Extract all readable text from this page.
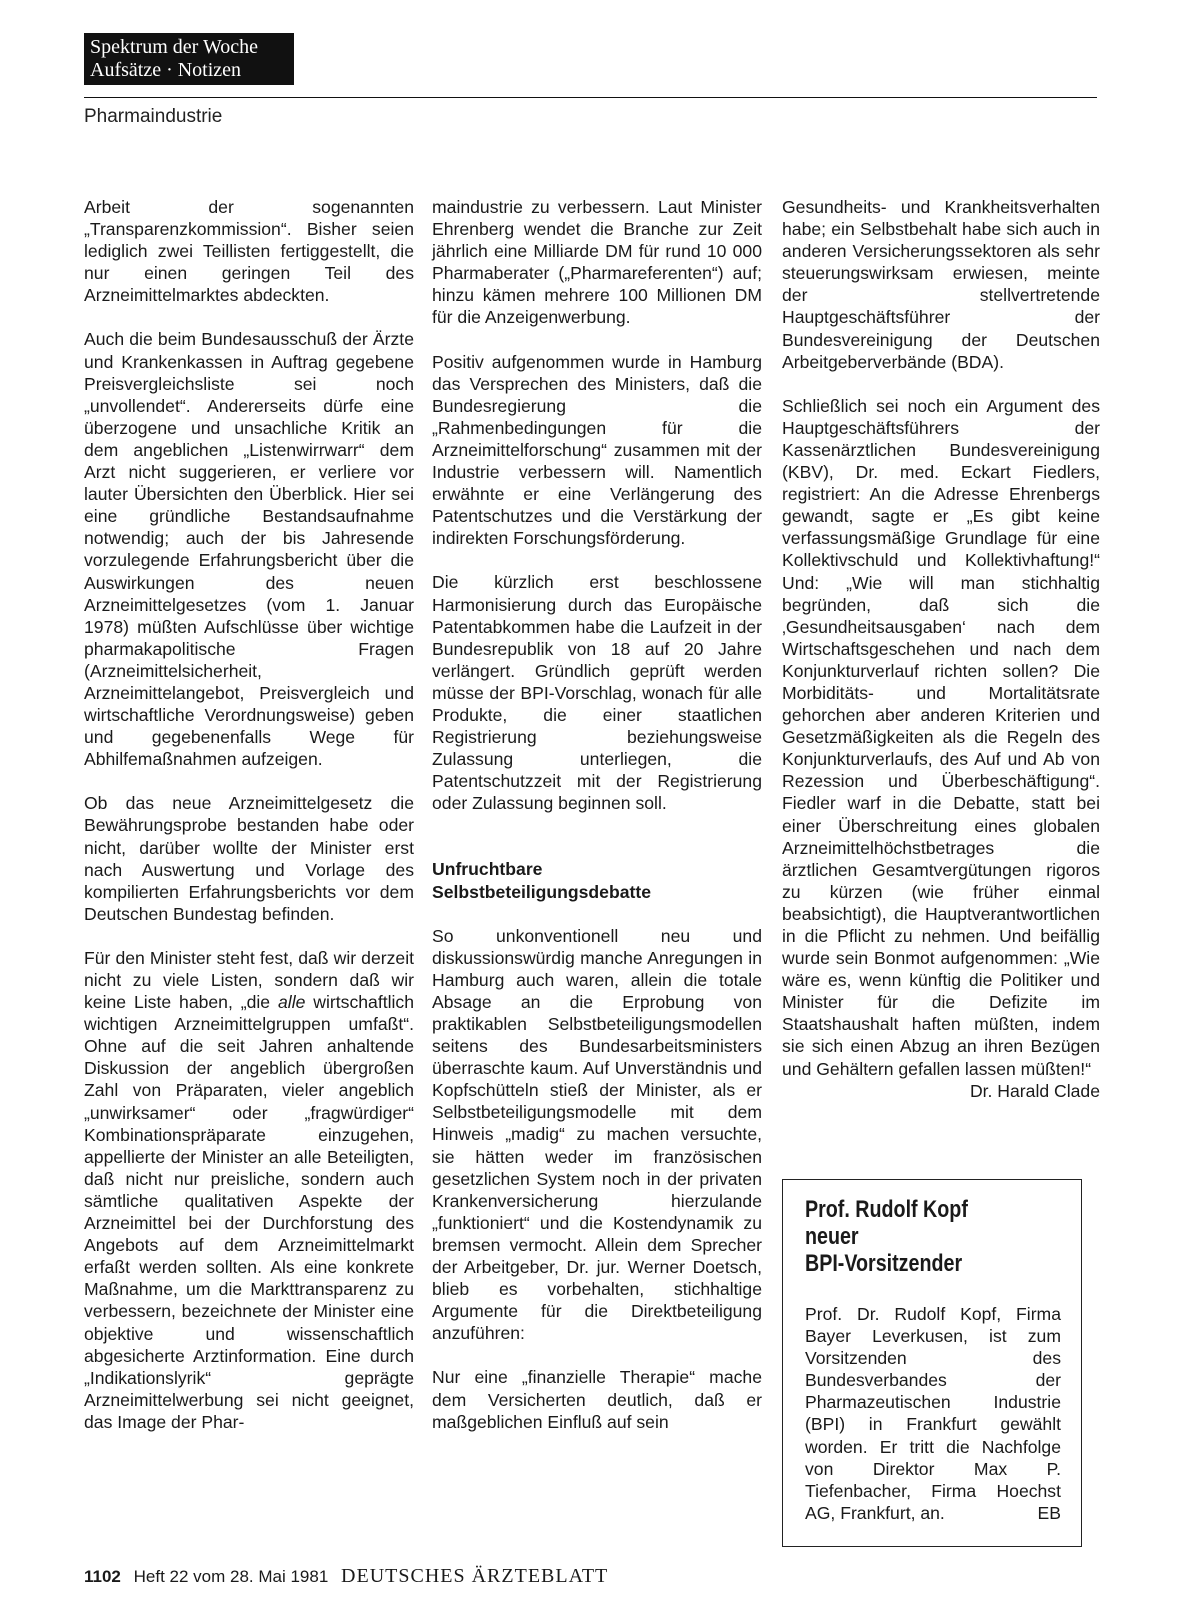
Spektrum der Woche
Aufsätze · Notizen
Pharmaindustrie

Arbeit der sogenannten „Transparenzkommission“. Bisher seien lediglich zwei Teillisten fertiggestellt, die nur einen geringen Teil des Arzneimittelmarktes abdeckten.

Auch die beim Bundesausschuß der Ärzte und Krankenkassen in Auftrag gegebene Preisvergleichsliste sei noch „unvollendet“. Andererseits dürfe eine überzogene und unsachliche Kritik an dem angeblichen „Listenwirrwarr“ dem Arzt nicht suggerieren, er verliere vor lauter Übersichten den Überblick. Hier sei eine gründliche Bestandsaufnahme notwendig; auch der bis Jahresende vorzulegende Erfahrungsbericht über die Auswirkungen des neuen Arzneimittelgesetzes (vom 1. Januar 1978) müßten Aufschlüsse über wichtige pharmakapolitische Fragen (Arzneimittelsicherheit, Arzneimittelangebot, Preisvergleich und wirtschaftliche Verordnungsweise) geben und gegebenenfalls Wege für Abhilfemaßnahmen aufzeigen.

Ob das neue Arzneimittelgesetz die Bewährungsprobe bestanden habe oder nicht, darüber wollte der Minister erst nach Auswertung und Vorlage des kompilierten Erfahrungsberichts vor dem Deutschen Bundestag befinden.

Für den Minister steht fest, daß wir derzeit nicht zu viele Listen, sondern daß wir keine Liste haben, „die alle wirtschaftlich wichtigen Arzneimittelgruppen umfaßt“. Ohne auf die seit Jahren anhaltende Diskussion der angeblich übergroßen Zahl von Präparaten, vieler angeblich „unwirksamer“ oder „fragwürdiger“ Kombinationspräparate einzugehen, appellierte der Minister an alle Beteiligten, daß nicht nur preisliche, sondern auch sämtliche qualitativen Aspekte der Arzneimittel bei der Durchforstung des Angebots auf dem Arzneimittelmarkt erfaßt werden sollten. Als eine konkrete Maßnahme, um die Markttransparenz zu verbessern, bezeichnete der Minister eine objektive und wissenschaftlich abgesicherte Arztinformation. Eine durch „Indikationslyrik“ geprägte Arzneimittelwerbung sei nicht geeignet, das Image der Phar-

maindustrie zu verbessern. Laut Minister Ehrenberg wendet die Branche zur Zeit jährlich eine Milliarde DM für rund 10 000 Pharmaberater („Pharmareferenten“) auf; hinzu kämen mehrere 100 Millionen DM für die Anzeigenwerbung.

Positiv aufgenommen wurde in Hamburg das Versprechen des Ministers, daß die Bundesregierung die „Rahmenbedingungen für die Arzneimittelforschung“ zusammen mit der Industrie verbessern will. Namentlich erwähnte er eine Verlängerung des Patentschutzes und die Verstärkung der indirekten Forschungsförderung.

Die kürzlich erst beschlossene Harmonisierung durch das Europäische Patentabkommen habe die Laufzeit in der Bundesrepublik von 18 auf 20 Jahre verlängert. Gründlich geprüft werden müsse der BPI-Vorschlag, wonach für alle Produkte, die einer staatlichen Registrierung beziehungsweise Zulassung unterliegen, die Patentschutzzeit mit der Registrierung oder Zulassung beginnen soll.

Unfruchtbare
Selbstbeteiligungsdebatte

So unkonventionell neu und diskussionswürdig manche Anregungen in Hamburg auch waren, allein die totale Absage an die Erprobung von praktikablen Selbstbeteiligungsmodellen seitens des Bundesarbeitsministers überraschte kaum. Auf Unverständnis und Kopfschütteln stieß der Minister, als er Selbstbeteiligungsmodelle mit dem Hinweis „madig“ zu machen versuchte, sie hätten weder im französischen gesetzlichen System noch in der privaten Krankenversicherung hierzulande „funktioniert“ und die Kostendynamik zu bremsen vermocht. Allein dem Sprecher der Arbeitgeber, Dr. jur. Werner Doetsch, blieb es vorbehalten, stichhaltige Argumente für die Direktbeteiligung anzuführen:

Nur eine „finanzielle Therapie“ mache dem Versicherten deutlich, daß er maßgeblichen Einfluß auf sein

Gesundheits- und Krankheitsverhalten habe; ein Selbstbehalt habe sich auch in anderen Versicherungssektoren als sehr steuerungswirksam erwiesen, meinte der stellvertretende Hauptgeschäftsführer der Bundesvereinigung der Deutschen Arbeitgeberverbände (BDA).

Schließlich sei noch ein Argument des Hauptgeschäftsführers der Kassenärztlichen Bundesvereinigung (KBV), Dr. med. Eckart Fiedlers, registriert: An die Adresse Ehrenbergs gewandt, sagte er „Es gibt keine verfassungsmäßige Grundlage für eine Kollektivschuld und Kollektivhaftung!“ Und: „Wie will man stichhaltig begründen, daß sich die ‚Gesundheitsausgaben‘ nach dem Wirtschaftsgeschehen und nach dem Konjunkturverlauf richten sollen? Die Morbiditäts- und Mortalitätsrate gehorchen aber anderen Kriterien und Gesetzmäßigkeiten als die Regeln des Konjunkturverlaufs, des Auf und Ab von Rezession und Überbeschäftigung“. Fiedler warf in die Debatte, statt bei einer Überschreitung eines globalen Arzneimittelhöchstbetrages die ärztlichen Gesamtvergütungen rigoros zu kürzen (wie früher einmal beabsichtigt), die Hauptverantwortlichen in die Pflicht zu nehmen. Und beifällig wurde sein Bonmot aufgenommen: „Wie wäre es, wenn künftig die Politiker und Minister für die Defizite im Staatshaushalt haften müßten, indem sie sich einen Abzug an ihren Bezügen und Gehältern gefallen lassen müßten!“

Dr. Harald Clade
Prof. Rudolf Kopf
neuer
BPI-Vorsitzender
Prof. Dr. Rudolf Kopf, Firma Bayer Leverkusen, ist zum Vorsitzenden des Bundesverbandes der Pharmazeutischen Industrie (BPI) in Frankfurt gewählt worden. Er tritt die Nachfolge von Direktor Max P. Tiefenbacher, Firma Hoechst AG, Frankfurt, an.	EB
1102 Heft 22 vom 28. Mai 1981 DEUTSCHES ÄRZTEBLATT
